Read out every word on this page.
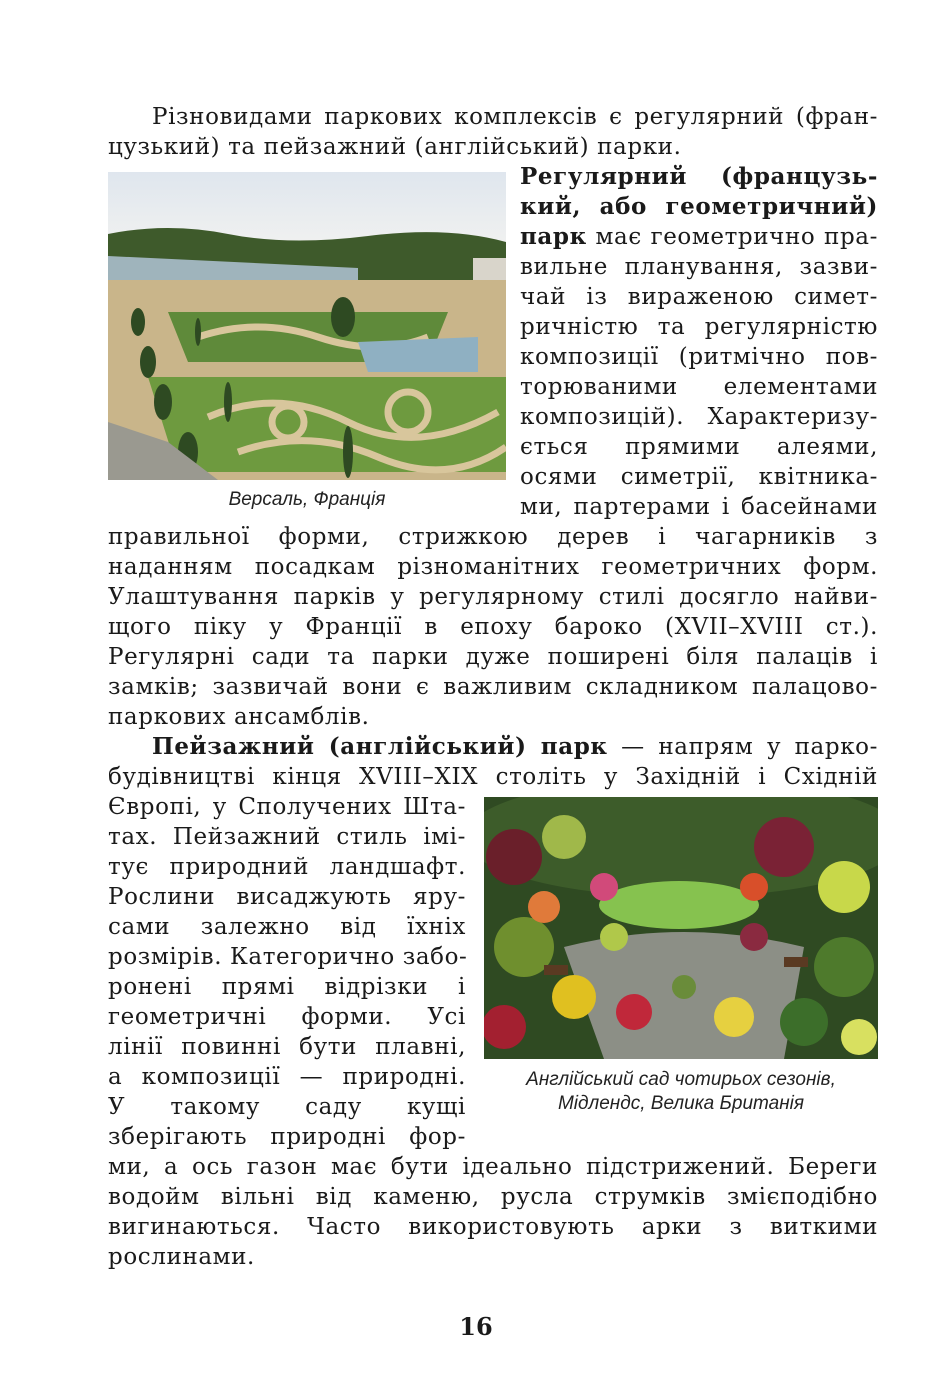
Різновидами паркових комплексів є регулярний (фран-
цузький) та пейзажний (англійський) парки.
Версаль, Франція
Регулярний (французь-
кий, або геометричний)
парк має геометрично пра-
вильне планування, зазви-
чай із вираженою симет-
ричністю та регулярністю
композиції (ритмічно пов-
торюваними елементами
композицій). Характеризу-
ється прямими алеями,
осями симетрії, квітника-
ми, партерами і басейнами
правильної форми, стрижкою дерев і чагарників з
наданням посадкам різноманітних геометричних форм.
Улаштування парків у регулярному стилі досягло найви-
щого піку у Франції в епоху бароко (XVII–XVIII ст.).
Регулярні сади та парки дуже поширені біля палаців і
замків; зазвичай вони є важливим складником палацово-
паркових ансамблів.
Пейзажний (англійський) парк — напрям у парко-
будівництві кінця XVIII–XIX століть у Західній і Східній
Європі, у Сполучених Шта-
тах. Пейзажний стиль імі-
тує природний ландшафт.
Рослини висаджують яру-
сами залежно від їхніх
розмірів. Категорично забо-
ронені прямі відрізки і
геометричні форми. Усі
лінії повинні бути плавні,
а композиції — природні.
У такому саду кущі
зберігають природні фор-
ми, а ось газон має бути ідеально підстрижений. Береги
водойм вільні від каменю, русла струмків змієподібно
вигинаються. Часто використовують арки з виткими
рослинами.
Англійський сад чотирьох сезонів,
Мідлендс, Велика Британія
16
